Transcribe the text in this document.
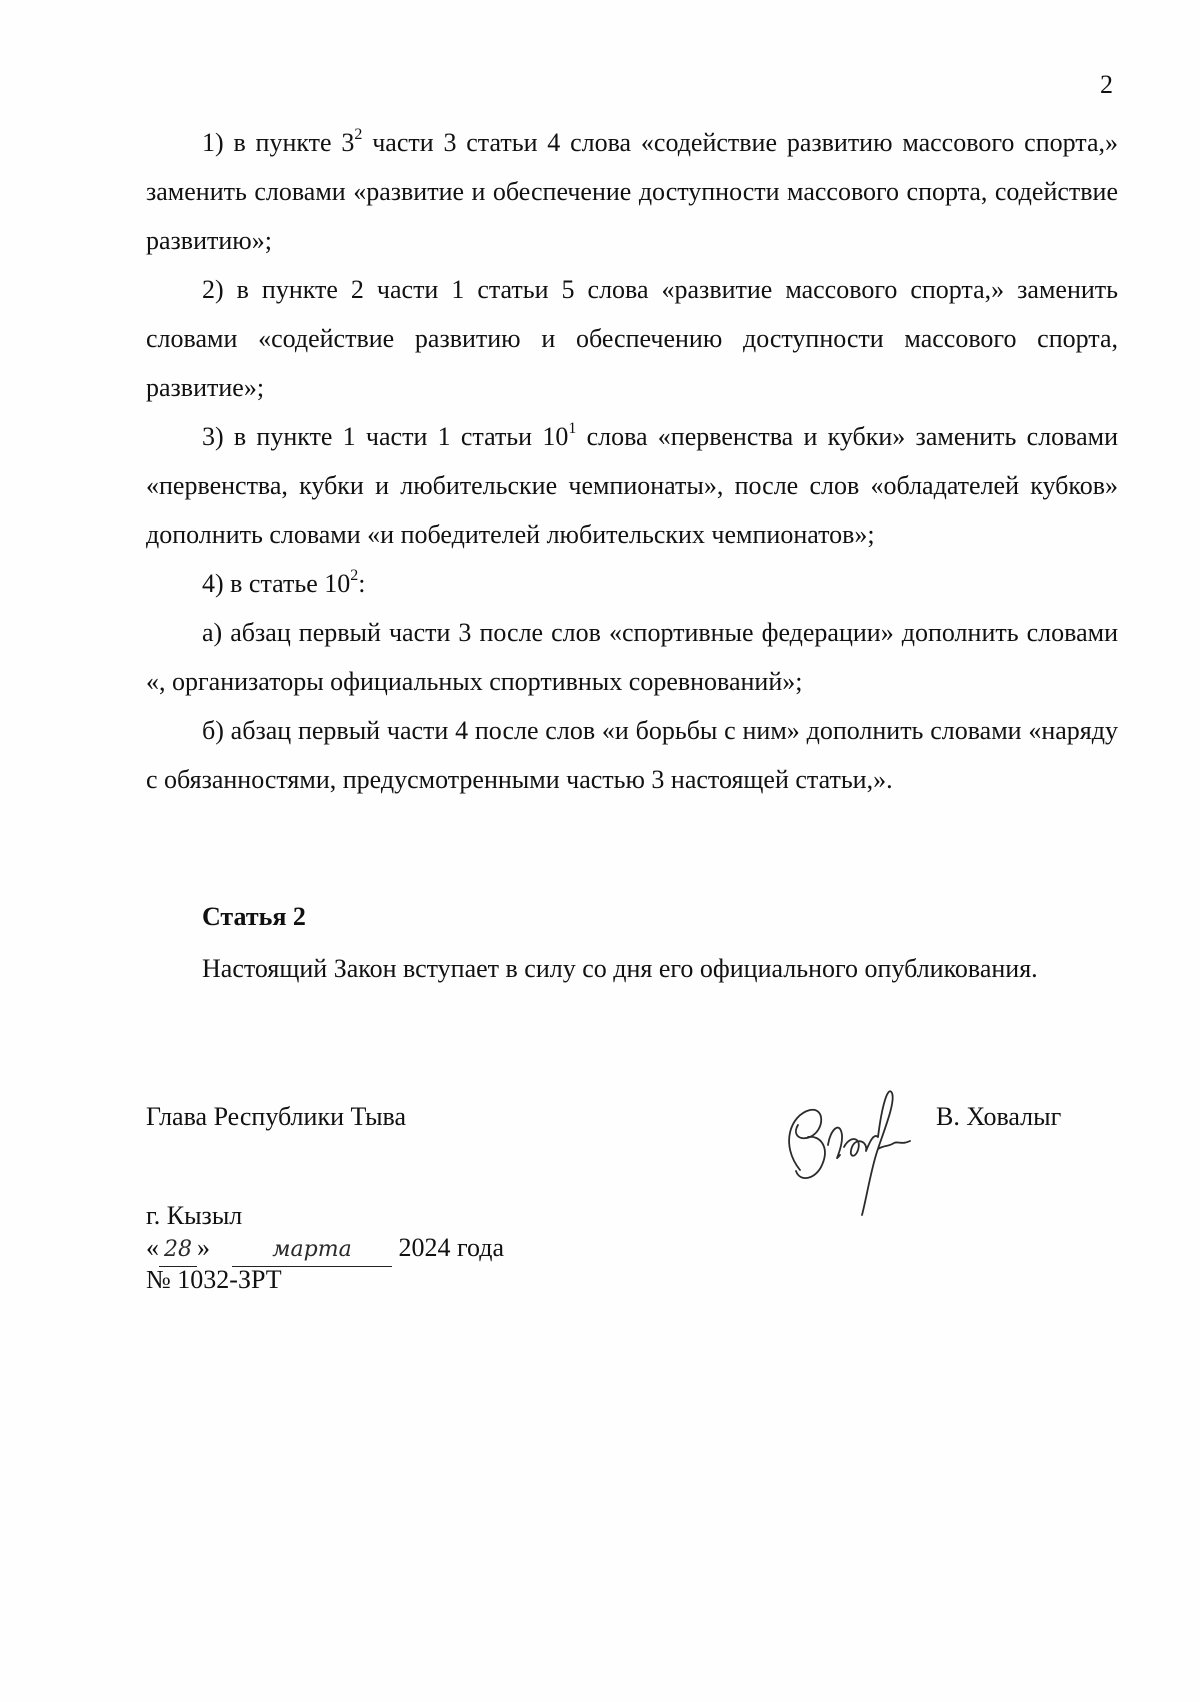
2

1) в пункте $3^2$ части 3 статьи 4 слова «содействие развитию массового спорта,» заменить словами «развитие и обеспечение доступности массового спорта, содействие развитию»;

2) в пункте 2 части 1 статьи 5 слова «развитие массового спорта,» заменить словами «содействие развитию и обеспечению доступности массового спорта, развитие»;

3) в пункте 1 части 1 статьи $10^1$ слова «первенства и кубки» заменить словами «первенства, кубки и любительские чемпионаты», после слов «обладателей кубков» дополнить словами «и победителей любительских чемпионатов»;

4) в статье $10^2$:

а) абзац первый части 3 после слов «спортивные федерации» дополнить словами «, организаторы официальных спортивных соревнований»;

б) абзац первый части 4 после слов «и борьбы с ним» дополнить словами «наряду с обязанностями, предусмотренными частью 3 настоящей статьи,».

Статья 2
Настоящий Закон вступает в силу со дня его официального опубликования.
Глава Республики Тыва	В. Ховалыг
г. Кызыл
« 28 »	марта 2024 года
№ 1032-ЗРТ
